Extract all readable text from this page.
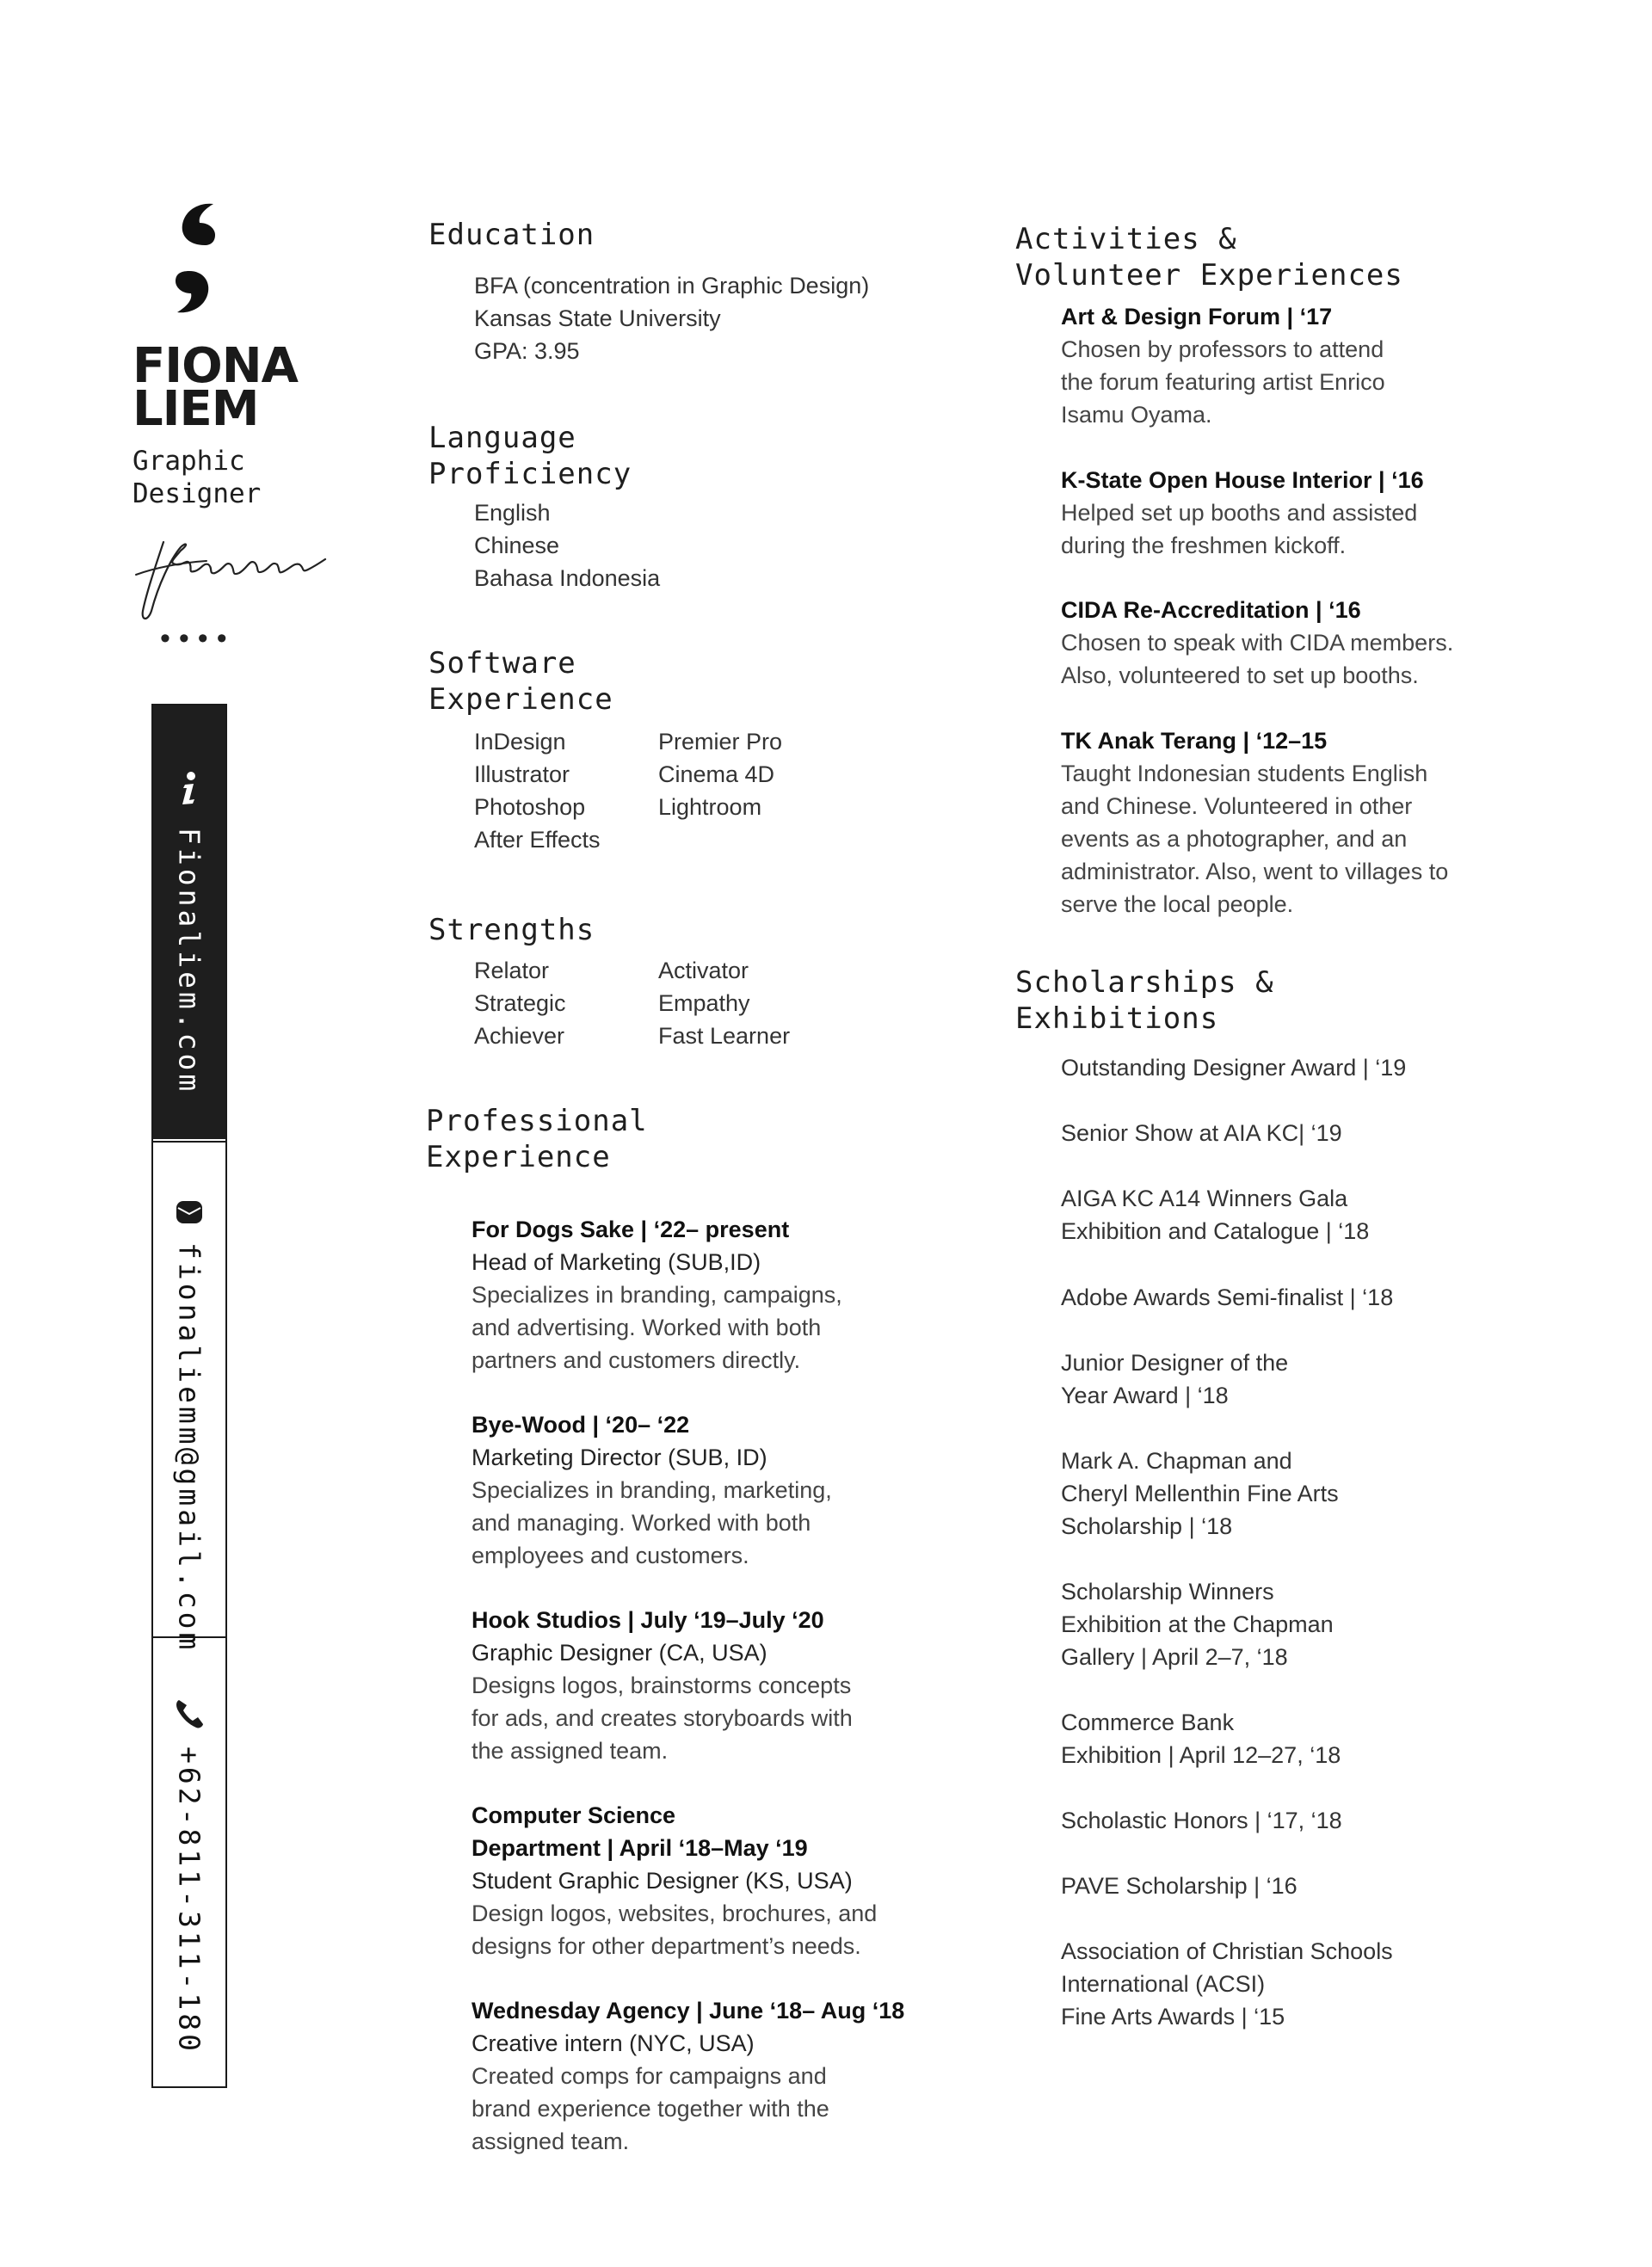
FIONA
LIEM
Graphic
Designer
••••
Fionaliem.com
fionaliemm@gmail.com
+62-811-311-180
Education
BFA (concentration in Graphic Design)
Kansas State University
GPA: 3.95
Language
Proficiency
English
Chinese
Bahasa Indonesia
Software
Experience
InDesign
Illustrator
Photoshop
After Effects
Premier Pro
Cinema 4D
Lightroom
Strengths
Relator
Strategic
Achiever
Activator
Empathy
Fast Learner
Professional
Experience
For Dogs Sake | ‘22– present
Head of Marketing (SUB,ID)
Specializes in branding, campaigns,
and advertising. Worked with both
partners and customers directly.
Bye-Wood | ‘20– ‘22
Marketing Director (SUB, ID)
Specializes in branding, marketing,
and managing. Worked with both
employees and customers.
Hook Studios | July ‘19–July ‘20
Graphic Designer (CA, USA)
Designs logos, brainstorms concepts
for ads, and creates storyboards with
the assigned team.
Computer Science
Department | April ‘18–May ‘19
Student Graphic Designer (KS, USA)
Design logos, websites, brochures, and
designs for other department’s needs.
Wednesday Agency | June ‘18– Aug ‘18
Creative intern (NYC, USA)
Created comps for campaigns and
brand experience together with the
assigned team.
Activities &
Volunteer Experiences
Art & Design Forum | ‘17
Chosen by professors to attend
the forum featuring artist Enrico
Isamu Oyama.
K-State Open House Interior | ‘16
Helped set up booths and assisted
during the freshmen kickoff.
CIDA Re-Accreditation | ‘16
Chosen to speak with CIDA members.
Also, volunteered to set up booths.
TK Anak Terang | ‘12–15
Taught Indonesian students English
and Chinese. Volunteered in other
events as a photographer, and an
administrator. Also, went to villages to
serve the local people.
Scholarships &
Exhibitions
Outstanding Designer Award | ‘19
Senior Show at AIA KC| ‘19
AIGA KC A14 Winners Gala
Exhibition and Catalogue | ‘18
Adobe Awards Semi-finalist | ‘18
Junior Designer of the
Year Award | ‘18
Mark A. Chapman and
Cheryl Mellenthin Fine Arts
Scholarship | ‘18
Scholarship Winners
Exhibition at the Chapman
Gallery | April 2–7, ‘18
Commerce Bank
Exhibition | April 12–27, ‘18
Scholastic Honors | ‘17, ‘18
PAVE Scholarship | ‘16
Association of Christian Schools
International (ACSI)
Fine Arts Awards | ‘15
